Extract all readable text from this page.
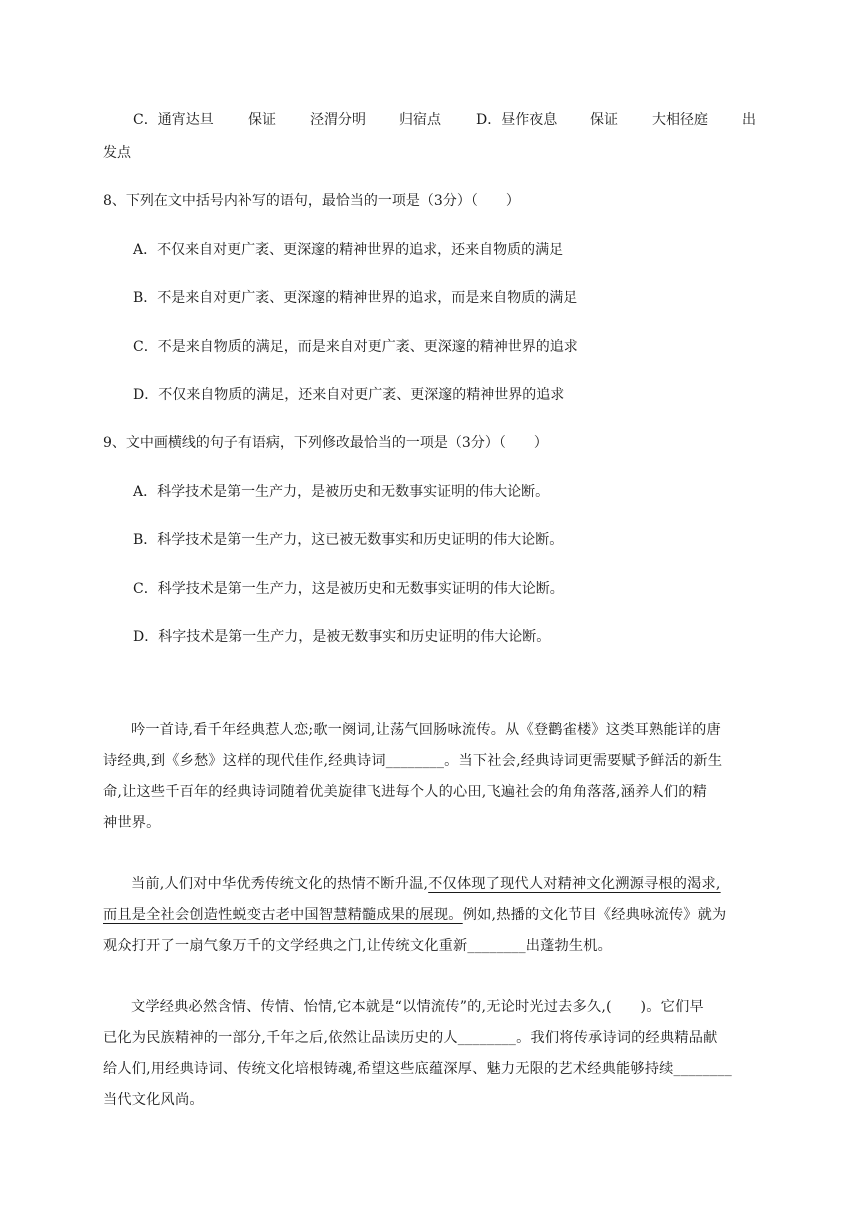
C．通宵达旦 保证 泾渭分明 归宿点	D．昼作夜息 保证 大相径庭 出
发点
8、下列在文中括号内补写的语句，最恰当的一项是（3分）（　　）
A．不仅来自对更广袤、更深邃的精神世界的追求，还来自物质的满足
B．不是来自对更广袤、更深邃的精神世界的追求，而是来自物质的满足
C．不是来自物质的满足，而是来自对更广袤、更深邃的精神世界的追求
D．不仅来自物质的满足，还来自对更广袤、更深邃的精神世界的追求
9、文中画横线的句子有语病，下列修改最恰当的一项是（3分）（　　）
A．科学技术是第一生产力，是被历史和无数事实证明的伟大论断。
B．科学技术是第一生产力，这已被无数事实和历史证明的伟大论断。
C．科学技术是第一生产力，这是被历史和无数事实证明的伟大论断。
D．科字技术是第一生产力，是被无数事实和历史证明的伟大论断。
吟一首诗,看千年经典惹人恋;歌一阕词,让荡气回肠咏流传。从《登鹳雀楼》这类耳熟能详的唐
诗经典,到《乡愁》这样的现代佳作,经典诗词________。当下社会,经典诗词更需要赋予鲜活的新生
命,让这些千百年的经典诗词随着优美旋律飞进每个人的心田,飞遍社会的角角落落,涵养人们的精
神世界。
当前,人们对中华优秀传统文化的热情不断升温,不仅体现了现代人对精神文化溯源寻根的渴求,
而且是全社会创造性蜕变古老中国智慧精髓成果的展现。例如,热播的文化节目《经典咏流传》就为
观众打开了一扇气象万千的文学经典之门,让传统文化重新________出蓬勃生机。
文学经典必然含情、传情、怡情,它本就是“以情流传”的,无论时光过去多久,(　　)。它们早
已化为民族精神的一部分,千年之后,依然让品读历史的人________。我们将传承诗词的经典精品献
给人们,用经典诗词、传统文化培根铸魂,希望这些底蕴深厚、魅力无限的艺术经典能够持续________
当代文化风尚。
